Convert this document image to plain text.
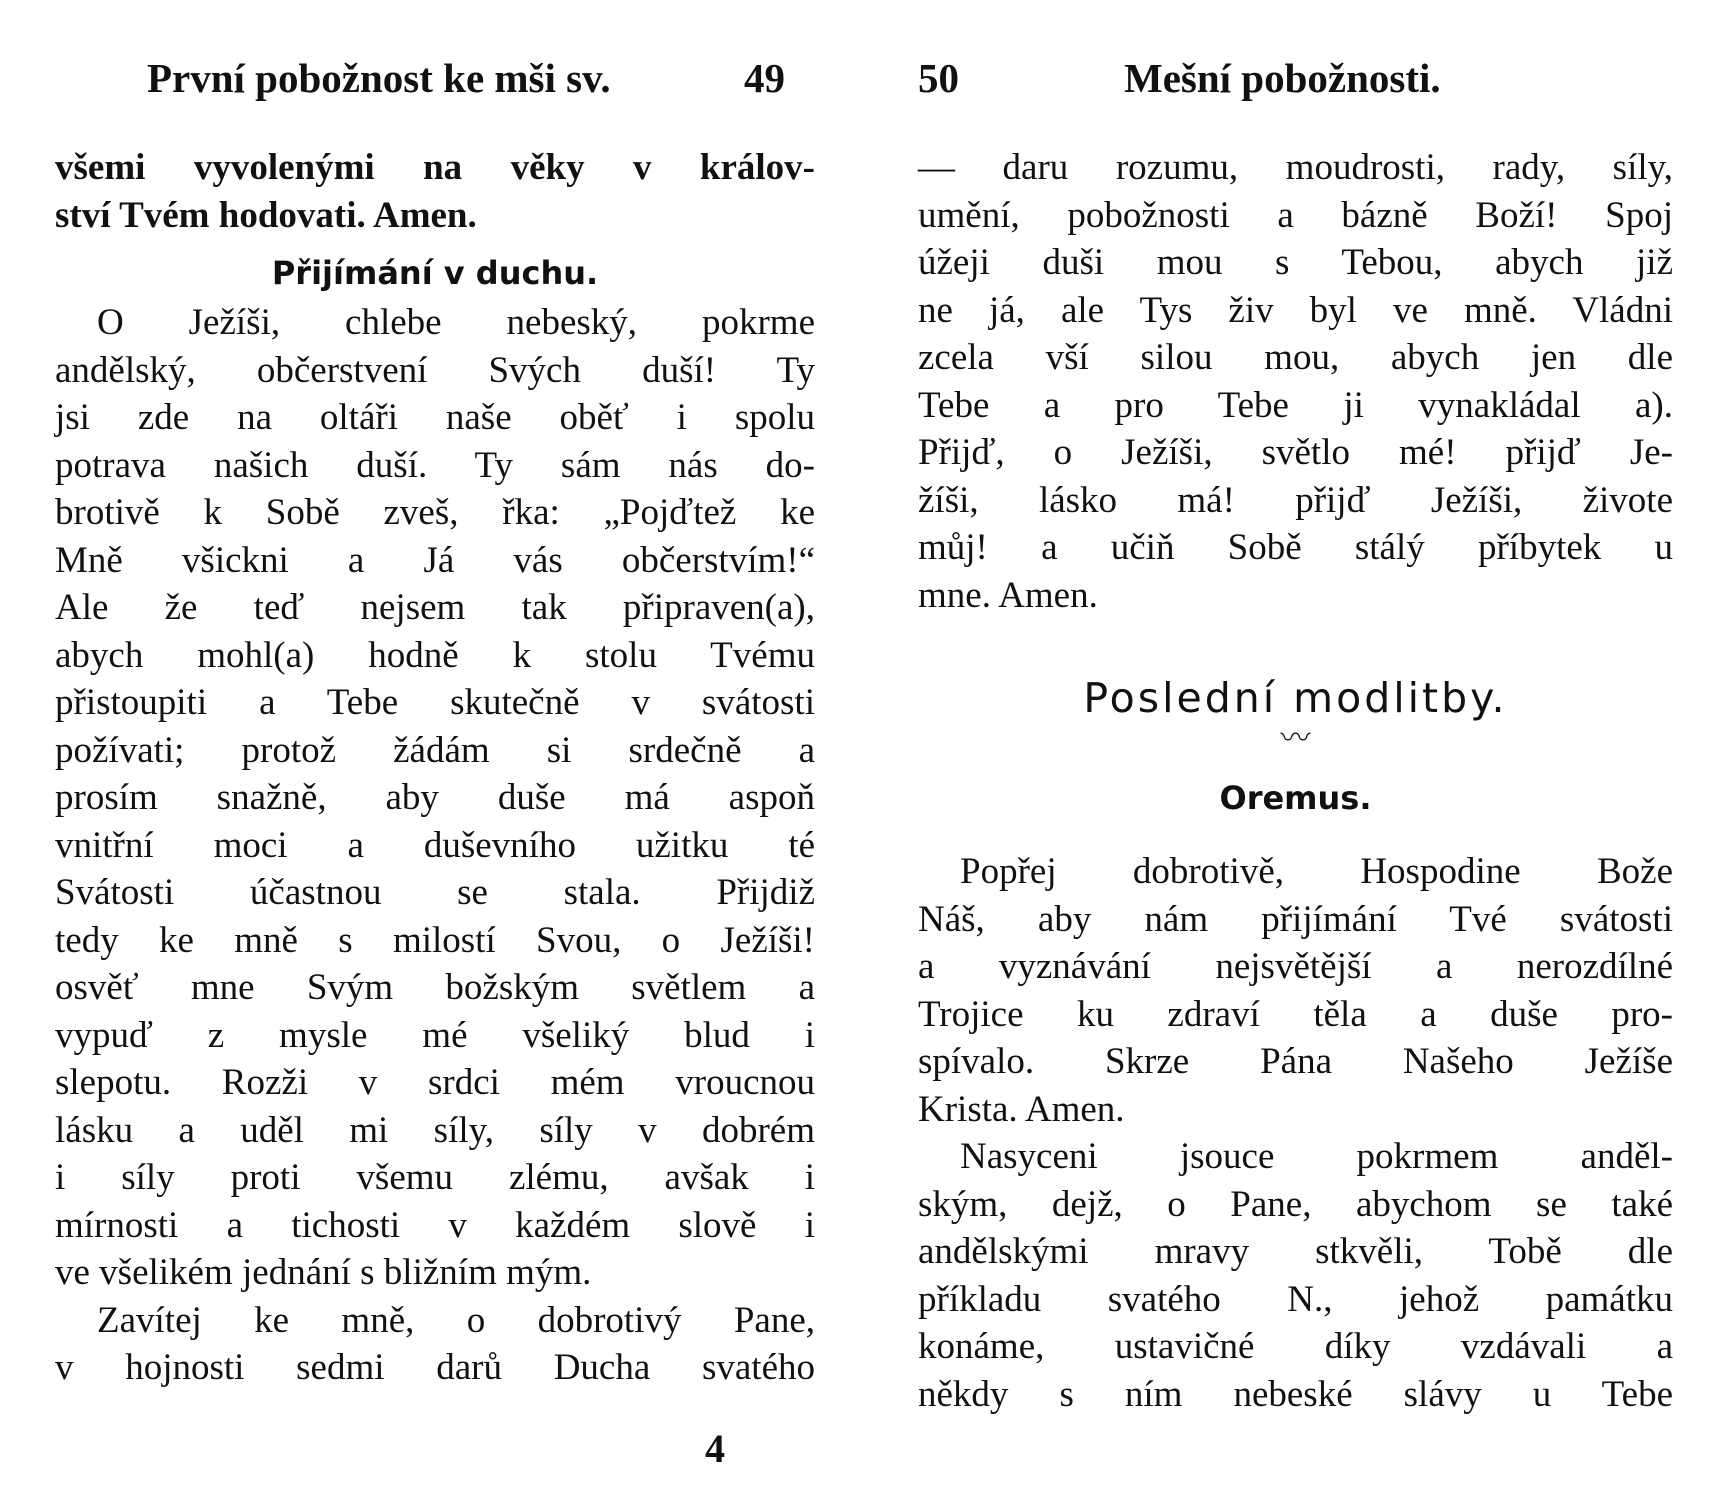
První pobožnost ke mši sv.	49
všemi vyvolenými na věky v králov-
ství Tvém hodovati. Amen.
Přijímání v duchu.
O Ježíši, chlebe nebeský, pokrme
andělský, občerstvení Svých duší! Ty
jsi zde na oltáři naše oběť i spolu
potrava našich duší. Ty sám nás do-
brotivě k Sobě zveš, řka: „Pojďtež ke
Mně všickni a Já vás občerstvím!“
Ale že teď nejsem tak připraven(a),
abych mohl(a) hodně k stolu Tvému
přistoupiti a Tebe skutečně v svátosti
požívati; protož žádám si srdečně a
prosím snažně, aby duše má aspoň
vnitřní moci a duševního užitku té
Svátosti účastnou se stala. Přijdiž
tedy ke mně s milostí Svou, o Ježíši!
osvěť mne Svým božským světlem a
vypuď z mysle mé všeliký blud i
slepotu. Rozži v srdci mém vroucnou
lásku a uděl mi síly, síly v dobrém
i síly proti všemu zlému, avšak i
mírnosti a tichosti v každém slově i
ve všelikém jednání s bližním mým.
Zavítej ke mně, o dobrotivý Pane,
v hojnosti sedmi darů Ducha svatého
4
50	Mešní pobožnosti.
— daru rozumu, moudrosti, rady, síly,
umění, pobožnosti a bázně Boží! Spoj
úžeji duši mou s Tebou, abych již
ne já, ale Tys živ byl ve mně. Vládni
zcela vší silou mou, abych jen dle
Tebe a pro Tebe ji vynakládal a).
Přijď, o Ježíši, světlo mé! přijď Je-
žíši, lásko má! přijď Ježíši, živote
můj! a učiň Sobě stálý příbytek u
mne. Amen.
Poslední modlitby.
〰
Oremus.
Popřej dobrotivě, Hospodine Bože
Náš, aby nám přijímání Tvé svátosti
a vyznávání nejsvětější a nerozdílné
Trojice ku zdraví těla a duše pro-
spívalo. Skrze Pána Našeho Ježíše
Krista. Amen.
Nasyceni jsouce pokrmem anděl-
ským, dejž, o Pane, abychom se také
andělskými mravy stkvěli, Tobě dle
příkladu svatého N., jehož památku
konáme, ustavičné díky vzdávali a
někdy s ním nebeské slávy u Tebe
